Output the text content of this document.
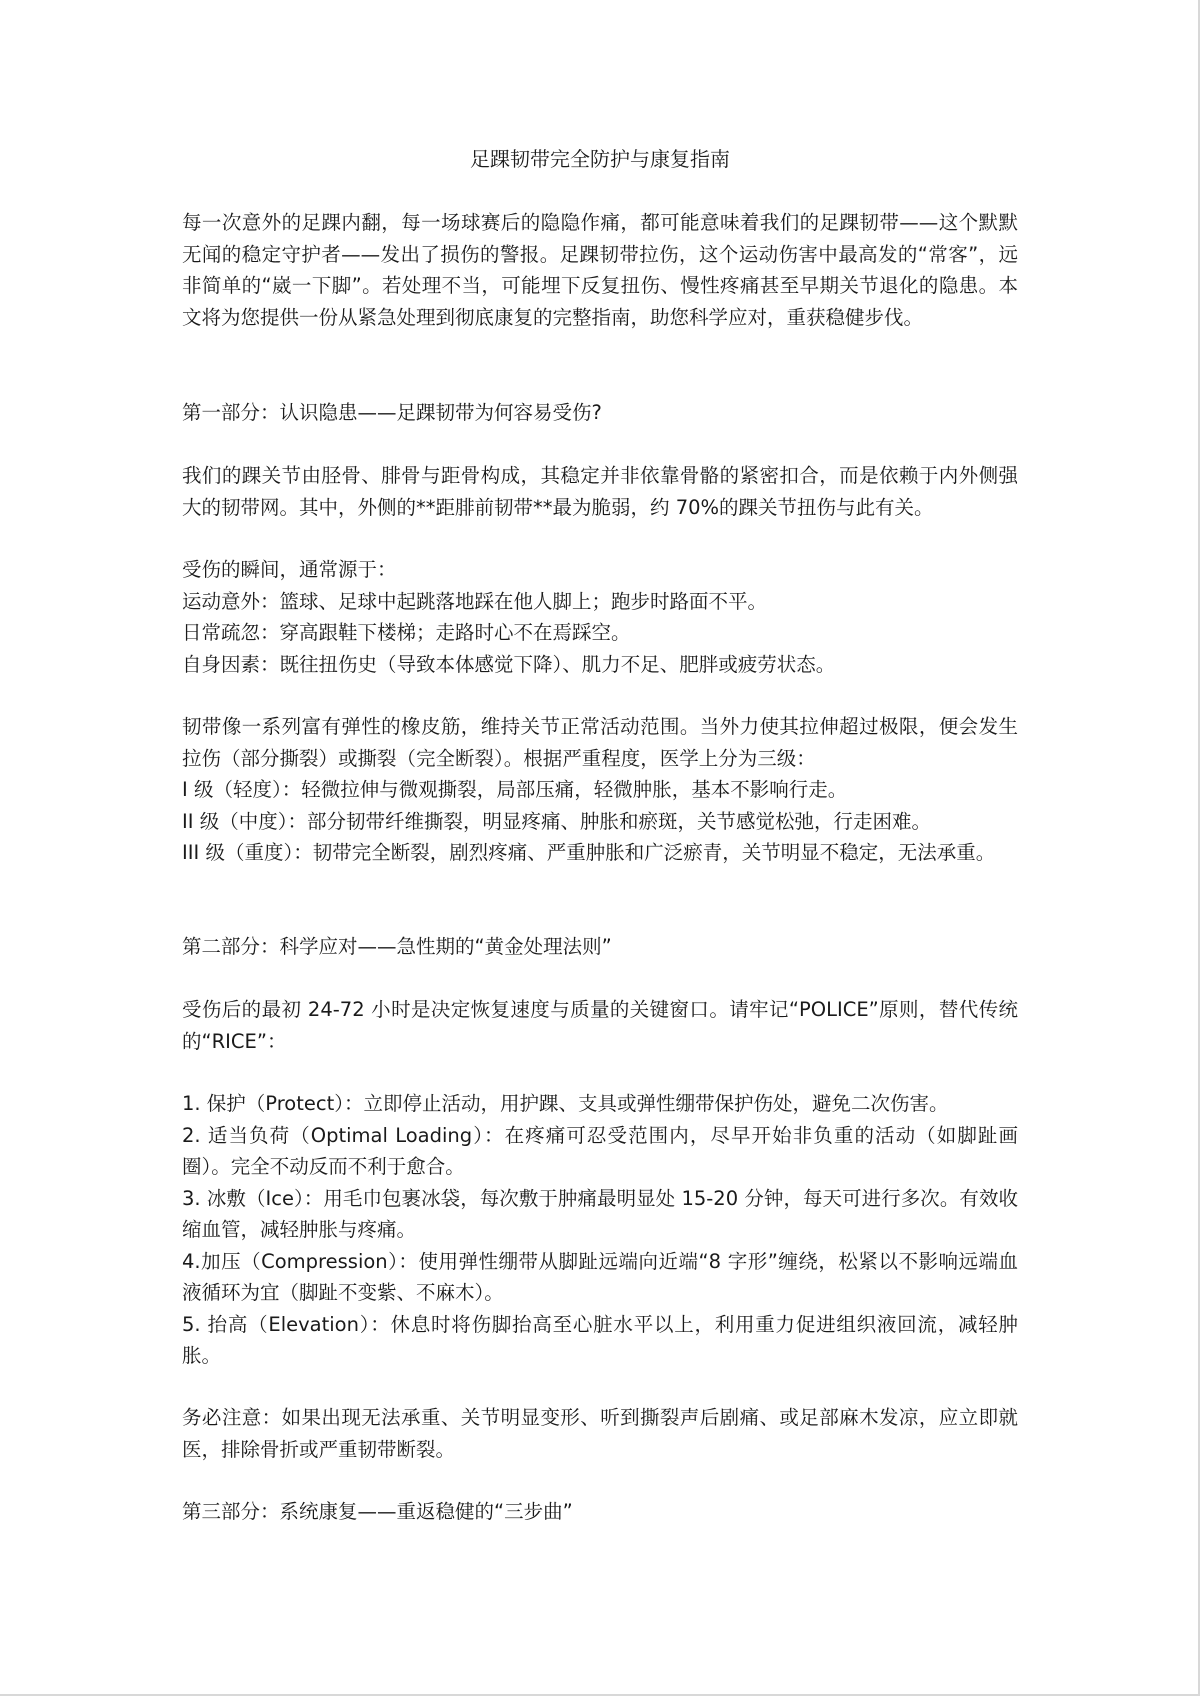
足踝韧带完全防护与康复指南

每一次意外的足踝内翻，每一场球赛后的隐隐作痛，都可能意味着我们的足踝韧带——这个默默无闻的稳定守护者——发出了损伤的警报。足踝韧带拉伤，这个运动伤害中最高发的“常客”，远非简单的“崴一下脚”。若处理不当，可能埋下反复扭伤、慢性疼痛甚至早期关节退化的隐患。本文将为您提供一份从紧急处理到彻底康复的完整指南，助您科学应对，重获稳健步伐。

第一部分：认识隐患——足踝韧带为何容易受伤?

我们的踝关节由胫骨、腓骨与距骨构成，其稳定并非依靠骨骼的紧密扣合，而是依赖于内外侧强大的韧带网。其中，外侧的**距腓前韧带**最为脆弱，约 70%的踝关节扭伤与此有关。

受伤的瞬间，通常源于：
运动意外：篮球、足球中起跳落地踩在他人脚上；跑步时路面不平。
日常疏忽：穿高跟鞋下楼梯；走路时心不在焉踩空。
自身因素：既往扭伤史（导致本体感觉下降）、肌力不足、肥胖或疲劳状态。
韧带像一系列富有弹性的橡皮筋，维持关节正常活动范围。当外力使其拉伸超过极限，便会发生拉伤（部分撕裂）或撕裂（完全断裂）。根据严重程度，医学上分为三级：
I 级（轻度）：轻微拉伸与微观撕裂，局部压痛，轻微肿胀，基本不影响行走。
II 级（中度）：部分韧带纤维撕裂，明显疼痛、肿胀和瘀斑，关节感觉松弛，行走困难。
III 级（重度）：韧带完全断裂，剧烈疼痛、严重肿胀和广泛瘀青，关节明显不稳定，无法承重。

第二部分：科学应对——急性期的“黄金处理法则”

受伤后的最初 24-72 小时是决定恢复速度与质量的关键窗口。请牢记“POLICE”原则，替代传统的“RICE”：

1. 保护（Protect）：立即停止活动，用护踝、支具或弹性绷带保护伤处，避免二次伤害。
2. 适当负荷（Optimal Loading）：在疼痛可忍受范围内，尽早开始非负重的活动（如脚趾画圈）。完全不动反而不利于愈合。
3. 冰敷（Ice）：用毛巾包裹冰袋，每次敷于肿痛最明显处 15-20 分钟，每天可进行多次。有效收缩血管，减轻肿胀与疼痛。
4.加压（Compression）：使用弹性绷带从脚趾远端向近端“8 字形”缠绕，松紧以不影响远端血液循环为宜（脚趾不变紫、不麻木）。
5. 抬高（Elevation）：休息时将伤脚抬高至心脏水平以上，利用重力促进组织液回流，减轻肿胀。

务必注意：如果出现无法承重、关节明显变形、听到撕裂声后剧痛、或足部麻木发凉，应立即就医，排除骨折或严重韧带断裂。

第三部分：系统康复——重返稳健的“三步曲”
